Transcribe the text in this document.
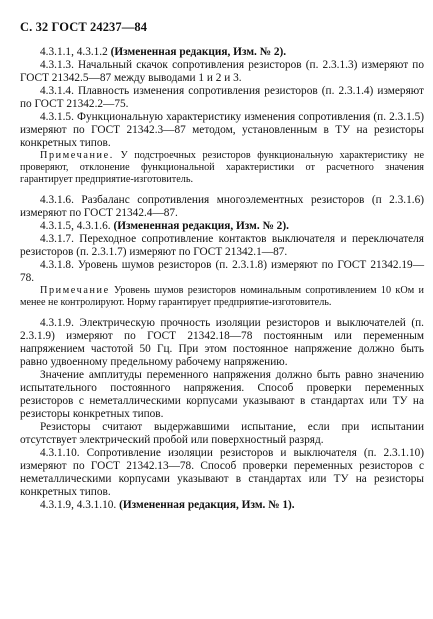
С. 32 ГОСТ 24237—84

4.3.1.1, 4.3.1.2 (Измененная редакция, Изм. № 2).

4.3.1.3. Начальный скачок сопротивления резисторов (п. 2.3.1.3) измеряют по ГОСТ 21342.5—87 между выводами 1 и 2 и 3.

4.3.1.4. Плавность изменения сопротивления резисторов (п. 2.3.1.4) измеряют по ГОСТ 21342.2—75.

4.3.1.5. Функциональную характеристику изменения сопротивления (п. 2.3.1.5) измеряют по ГОСТ 21342.3—87 методом, установленным в ТУ на резисторы конкретных типов.

Примечание. У подстроечных резисторов функциональную характеристику не проверяют, отклонение функциональной характеристики от расчетного значения гарантирует предприятие-изготовитель.

4.3.1.6. Разбаланс сопротивления многоэлементных резисторов (п 2.3.1.6) измеряют по ГОСТ 21342.4—87.

4.3.1.5, 4.3.1.6. (Измененная редакция, Изм. № 2).

4.3.1.7. Переходное сопротивление контактов выключателя и переключателя резисторов (п. 2.3.1.7) измеряют по ГОСТ 21342.1—87.

4.3.1.8. Уровень шумов резисторов (п. 2.3.1.8) измеряют по ГОСТ 21342.19—78.

Примечание Уровень шумов резисторов номинальным сопротивлением 10 кОм и менее не контролируют. Норму гарантирует предприятие-изготовитель.

4.3.1.9. Электрическую прочность изоляции резисторов и выключателей (п. 2.3.1.9) измеряют по ГОСТ 21342.18—78 постоянным или переменным напряжением частотой 50 Гц. При этом постоянное напряжение должно быть равно удвоенному предельному рабочему напряжению.

Значение амплитуды переменного напряжения должно быть равно значению испытательного постоянного напряжения. Способ проверки переменных резисторов с неметаллическими корпусами указывают в стандартах или ТУ на резисторы конкретных типов.

Резисторы считают выдержавшими испытание, если при испытании отсутствует электрический пробой или поверхностный разряд.

4.3.1.10. Сопротивление изоляции резисторов и выключателя (п. 2.3.1.10) измеряют по ГОСТ 21342.13—78. Способ проверки переменных резисторов с неметаллическими корпусами указывают в стандартах или ТУ на резисторы конкретных типов.

4.3.1.9, 4.3.1.10. (Измененная редакция, Изм. № 1).
